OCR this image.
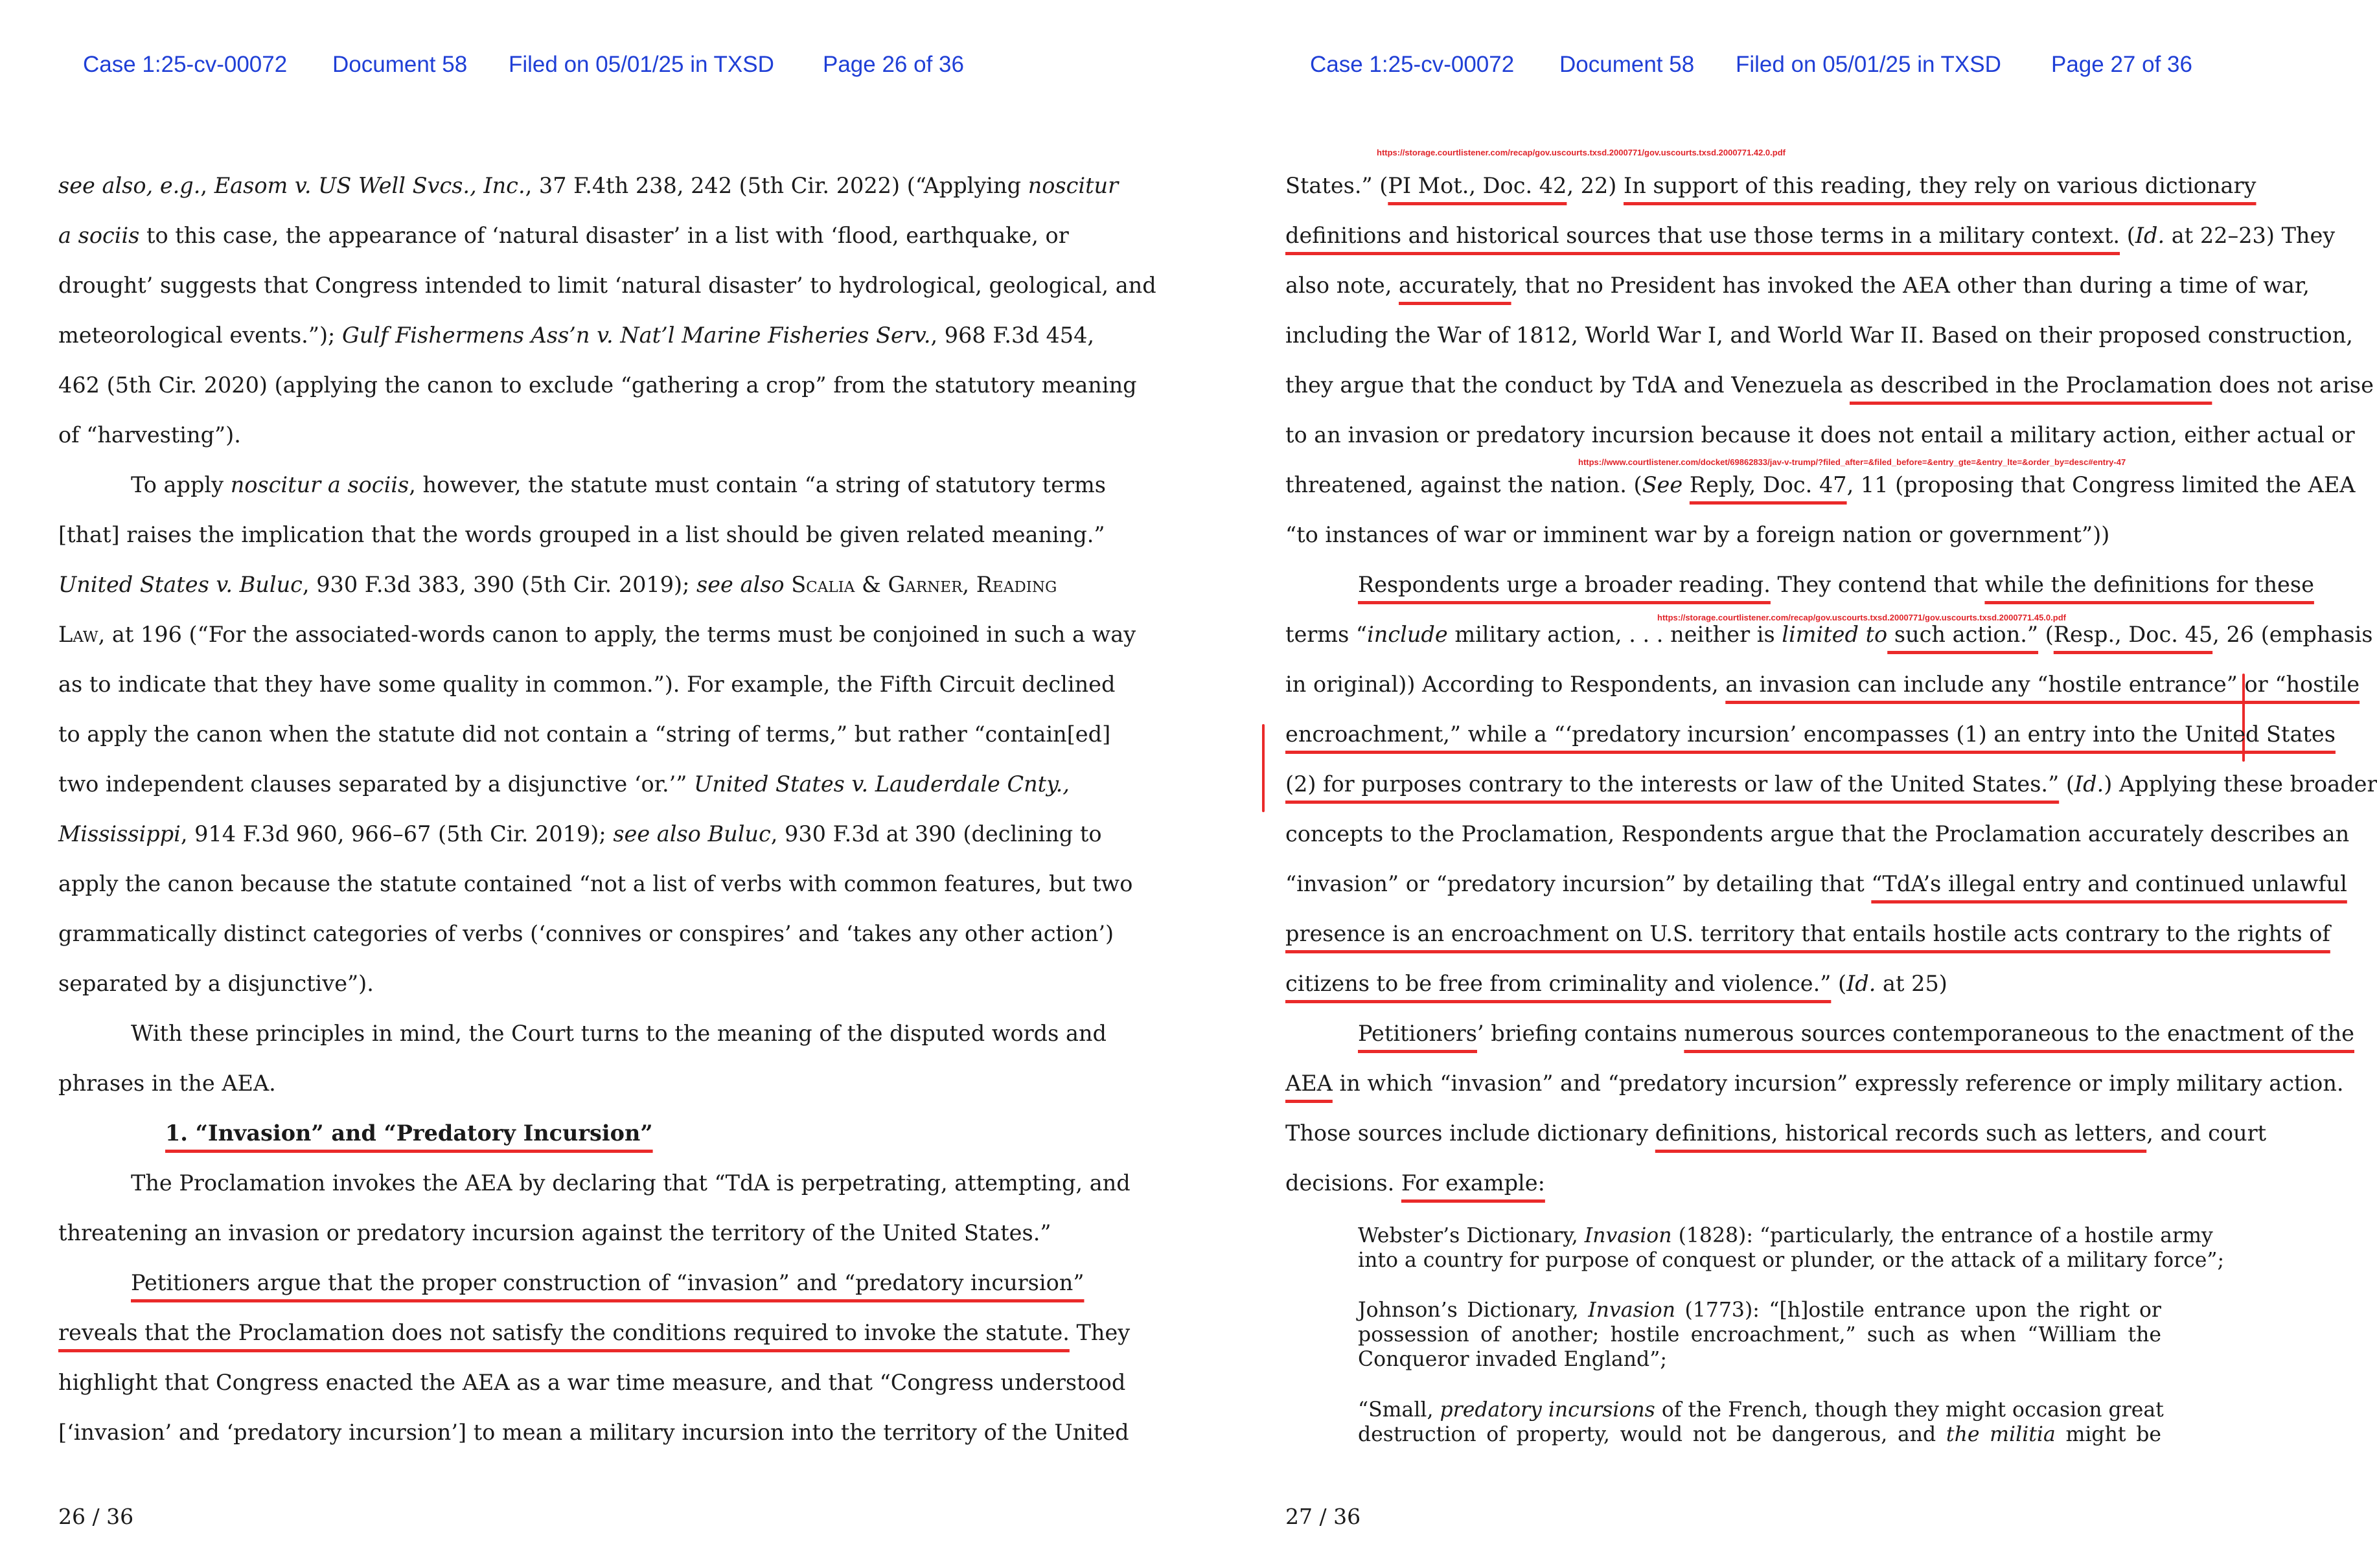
Case 1:25-cv-00072 Document 58 Filed on 05/01/25 in TXSD Page 26 of 36
see also, e.g., Easom v. US Well Svcs., Inc., 37 F.4th 238, 242 (5th Cir. 2022) (“Applying noscitur
a sociis to this case, the appearance of ‘natural disaster’ in a list with ‘flood, earthquake, or
drought’ suggests that Congress intended to limit ‘natural disaster’ to hydrological, geological, and
meteorological events.”); Gulf Fishermens Ass’n v. Nat’l Marine Fisheries Serv., 968 F.3d 454,
462 (5th Cir. 2020) (applying the canon to exclude “gathering a crop” from the statutory meaning
of “harvesting”).
To apply noscitur a sociis, however, the statute must contain “a string of statutory terms
[that] raises the implication that the words grouped in a list should be given related meaning.”
United States v. Buluc, 930 F.3d 383, 390 (5th Cir. 2019); see also Scalia & Garner, Reading
Law, at 196 (“For the associated-words canon to apply, the terms must be conjoined in such a way
as to indicate that they have some quality in common.”). For example, the Fifth Circuit declined
to apply the canon when the statute did not contain a “string of terms,” but rather “contain[ed]
two independent clauses separated by a disjunctive ‘or.’” United States v. Lauderdale Cnty.,
Mississippi, 914 F.3d 960, 966–67 (5th Cir. 2019); see also Buluc, 930 F.3d at 390 (declining to
apply the canon because the statute contained “not a list of verbs with common features, but two
grammatically distinct categories of verbs (‘connives or conspires’ and ‘takes any other action’)
separated by a disjunctive”).
With these principles in mind, the Court turns to the meaning of the disputed words and
phrases in the AEA.
1. “Invasion” and “Predatory Incursion”
The Proclamation invokes the AEA by declaring that “TdA is perpetrating, attempting, and
threatening an invasion or predatory incursion against the territory of the United States.”
Petitioners argue that the proper construction of “invasion” and “predatory incursion”
reveals that the Proclamation does not satisfy the conditions required to invoke the statute. They
highlight that Congress enacted the AEA as a war time measure, and that “Congress understood
[‘invasion’ and ‘predatory incursion’] to mean a military incursion into the territory of the United
26 / 36
Case 1:25-cv-00072 Document 58 Filed on 05/01/25 in TXSD Page 27 of 36
https://storage.courtlistener.com/recap/gov.uscourts.txsd.2000771/gov.uscourts.txsd.2000771.42.0.pdf
https://www.courtlistener.com/docket/69862833/jav-v-trump/?filed_after=&filed_before=&entry_gte=&entry_lte=&order_by=desc#entry-47
https://storage.courtlistener.com/recap/gov.uscourts.txsd.2000771/gov.uscourts.txsd.2000771.45.0.pdf
States.” (PI Mot., Doc. 42, 22) In support of this reading, they rely on various dictionary
definitions and historical sources that use those terms in a military context. (Id. at 22–23) They
also note, accurately, that no President has invoked the AEA other than during a time of war,
including the War of 1812, World War I, and World War II. Based on their proposed construction,
they argue that the conduct by TdA and Venezuela as described in the Proclamation does not arise
to an invasion or predatory incursion because it does not entail a military action, either actual or
threatened, against the nation. (See Reply, Doc. 47, 11 (proposing that Congress limited the AEA
“to instances of war or imminent war by a foreign nation or government”))
Respondents urge a broader reading. They contend that while the definitions for these
terms “include military action, . . . neither is limited to such action.” (Resp., Doc. 45, 26 (emphasis
in original)) According to Respondents, an invasion can include any “hostile entrance” or “hostile
encroachment,” while a “‘predatory incursion’ encompasses (1) an entry into the United States
(2) for purposes contrary to the interests or law of the United States.” (Id.) Applying these broader
concepts to the Proclamation, Respondents argue that the Proclamation accurately describes an
“invasion” or “predatory incursion” by detailing that “TdA’s illegal entry and continued unlawful
presence is an encroachment on U.S. territory that entails hostile acts contrary to the rights of
citizens to be free from criminality and violence.” (Id. at 25)
Petitioners’ briefing contains numerous sources contemporaneous to the enactment of the
AEA in which “invasion” and “predatory incursion” expressly reference or imply military action.
Those sources include dictionary definitions, historical records such as letters, and court
decisions. For example:
Webster’s Dictionary, Invasion (1828): “particularly, the entrance of a hostile army
into a country for purpose of conquest or plunder, or the attack of a military force”;
Johnson’s Dictionary, Invasion (1773): “[h]ostile entrance upon the right or
possession of another; hostile encroachment,” such as when “William the
Conqueror invaded England”;
“Small, predatory incursions of the French, though they might occasion great
destruction of property, would not be dangerous, and the militia might be
27 / 36
